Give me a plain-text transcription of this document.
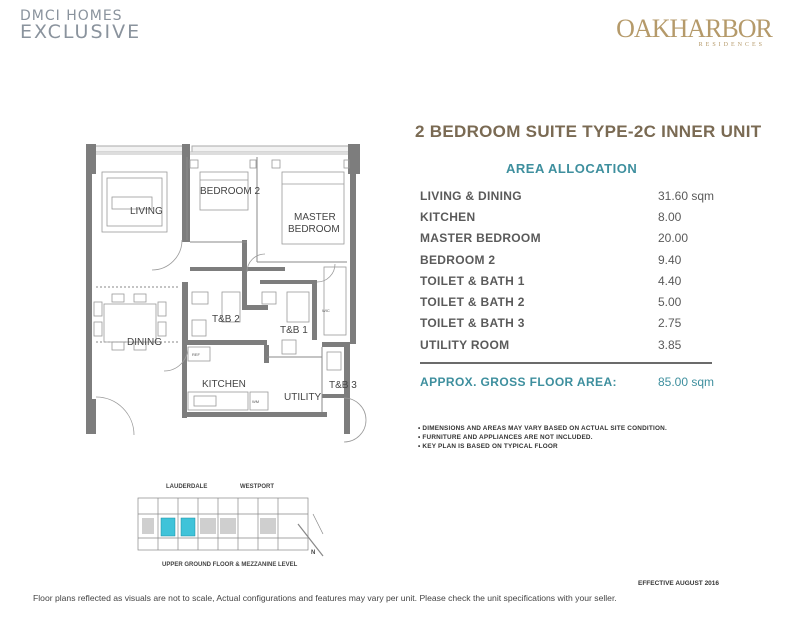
DMCI HOMES
EXCLUSIVE	OAKHARBOR
RESIDENCES
2 BEDROOM SUITE TYPE-2C INNER UNIT
AREA ALLOCATION
LIVING & DINING	31.60 sqm
KITCHEN	8.00
MASTER BEDROOM	20.00
BEDROOM 2	9.40
TOILET & BATH 1	4.40
TOILET & BATH 2	5.00
TOILET & BATH 3	2.75
UTILITY ROOM	3.85
APPROX. GROSS FLOOR AREA:	85.00 sqm
• DIMENSIONS AND AREAS MAY VARY BASED ON ACTUAL SITE CONDITION.
• FURNITURE AND APPLIANCES ARE NOT INCLUDED.
• KEY PLAN IS BASED ON TYPICAL FLOOR
LIVING
BEDROOM 2
MASTER
BEDROOM
T&B 2
T&B 1
DINING
KITCHEN
UTILITY
T&B 3
WIC
REF
WM
LAUDERDALE	WESTPORT
N
UPPER GROUND FLOOR & MEZZANINE LEVEL
EFFECTIVE AUGUST 2016
Floor plans reflected as visuals are not to scale, Actual configurations and features may vary per unit. Please check the unit specifications with your seller.
